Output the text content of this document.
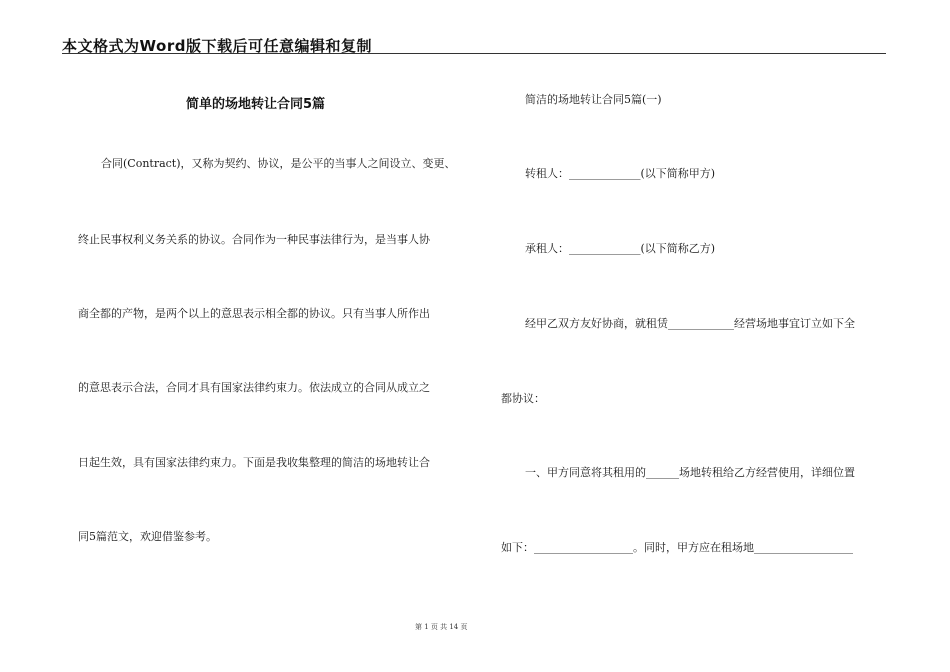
本文格式为Word版下载后可任意编辑和复制
简单的场地转让合同5篇
合同(Contract)，又称为契约、协议，是公平的当事人之间设立、变更、
终止民事权利义务关系的协议。合同作为一种民事法律行为，是当事人协
商全都的产物，是两个以上的意思表示相全都的协议。只有当事人所作出
的意思表示合法，合同才具有国家法律约束力。依法成立的合同从成立之
日起生效，具有国家法律约束力。下面是我收集整理的简洁的场地转让合
同5篇范文，欢迎借鉴参考。
简洁的场地转让合同5篇(一)
转租人：_____________(以下简称甲方)
承租人：_____________(以下简称乙方)
经甲乙双方友好协商，就租赁____________经营场地事宜订立如下全
都协议：
一、甲方同意将其租用的______场地转租给乙方经营使用，详细位置
如下：__________________。同时，甲方应在租场地__________________
第 1 页 共 14 页
